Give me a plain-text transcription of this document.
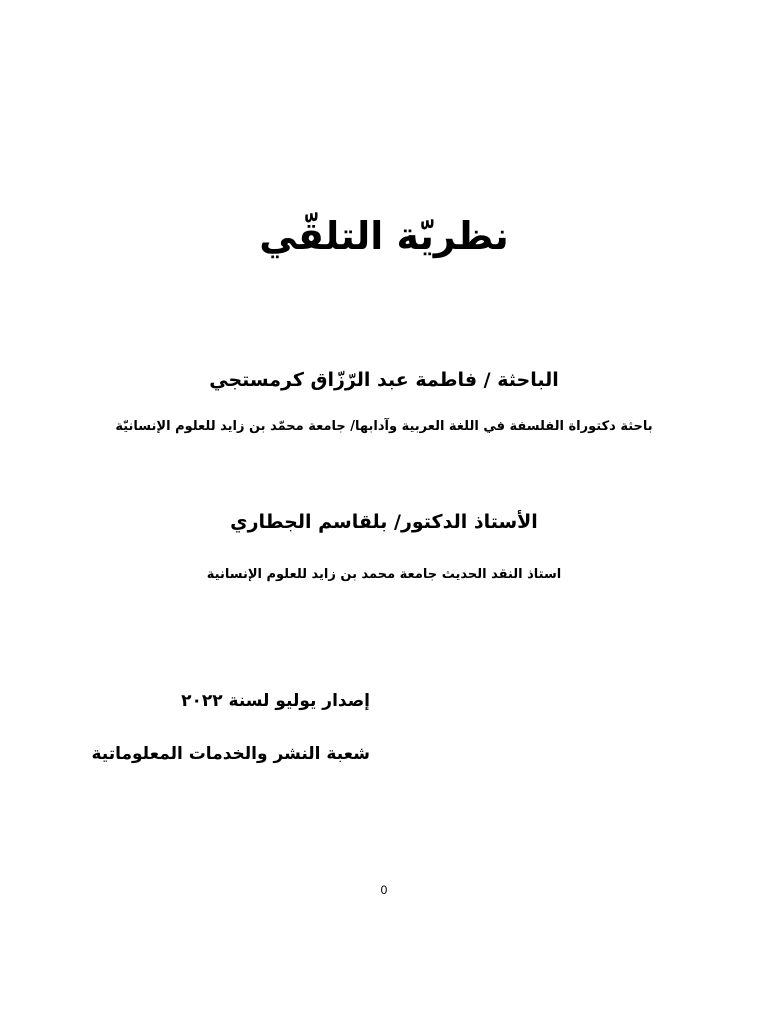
نظريّة التلقّي
الباحثة / فاطمة عبد الرّزّاق كرمستجي
باحثة دكتوراة الفلسفة في اللغة العربية وآدابها/ جامعة محمّد بن زايد للعلوم الإنسانيّة
الأستاذ الدكتور/ بلقاسم الجطاري
استاذ النقد الحديث جامعة محمد بن زايد للعلوم الإنسانية
إصدار يوليو لسنة ٢٠٢٢
شعبة النشر والخدمات المعلوماتية
0
